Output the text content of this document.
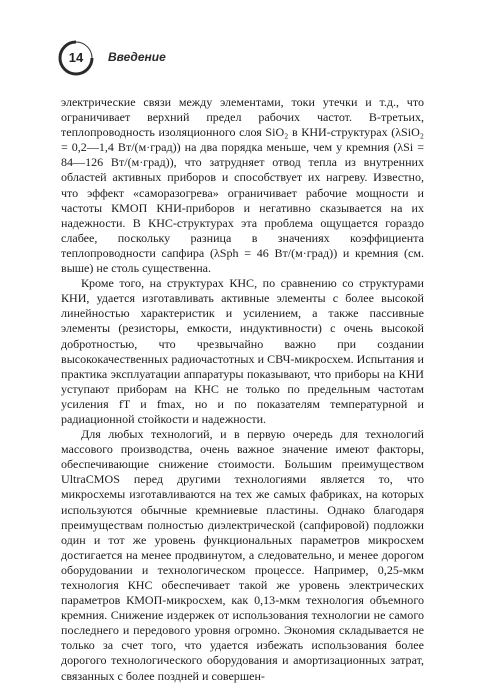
14	Введение

электрические связи между элементами, токи утечки и т.д., что ограничивает верхний предел рабочих частот. В-третьих, теплопроводность изоляционного слоя SiO₂ в КНИ-структурах (λSiO₂ = 0,2—1,4 Вт/(м·град)) на два порядка меньше, чем у кремния (λSi = 84—126 Вт/(м·град)), что затрудняет отвод тепла из внутренних областей активных приборов и способствует их нагреву. Известно, что эффект «саморазогрева» ограничивает рабочие мощности и частоты КМОП КНИ-приборов и негативно сказывается на их надежности. В КНС-структурах эта проблема ощущается гораздо слабее, поскольку разница в значениях коэффициента теплопроводности сапфира (λSph = 46 Вт/(м·град)) и кремния (см. выше) не столь существенна.

Кроме того, на структурах КНС, по сравнению со структурами КНИ, удается изготавливать активные элементы с более высокой линейностью характеристик и усилением, а также пассивные элементы (резисторы, емкости, индуктивности) с очень высокой добротностью, что чрезвычайно важно при создании высококачественных радиочастотных и СВЧ-микросхем. Испытания и практика эксплуатации аппаратуры показывают, что приборы на КНИ уступают приборам на КНС не только по предельным частотам усиления fT и fmax, но и по показателям температурной и радиационной стойкости и надежности.

Для любых технологий, и в первую очередь для технологий массового производства, очень важное значение имеют факторы, обеспечивающие снижение стоимости. Большим преимуществом UltraCMOS перед другими технологиями является то, что микросхемы изготавливаются на тех же самых фабриках, на которых используются обычные кремниевые пластины. Однако благодаря преимуществам полностью диэлектрической (сапфировой) подложки один и тот же уровень функциональных параметров микросхем достигается на менее продвинутом, а следовательно, и менее дорогом оборудовании и технологическом процессе. Например, 0,25-мкм технология КНС обеспечивает такой же уровень электрических параметров КМОП-микросхем, как 0,13-мкм технология объемного кремния. Снижение издержек от использования технологии не самого последнего и передового уровня огромно. Экономия складывается не только за счет того, что удается избежать использования более дорогого технологического оборудования и амортизационных затрат, связанных с более поздней и совершен-
